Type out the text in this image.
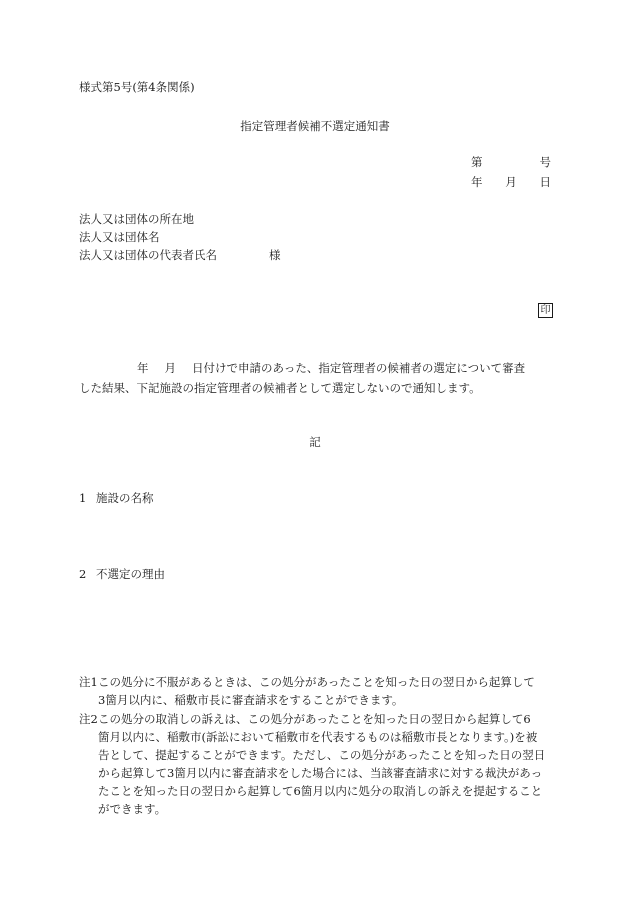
様式第5号(第4条関係)
指定管理者候補不選定通知書
第	号
年 月 日
法人又は団体の所在地
法人又は団体名
法人又は団体の代表者氏名	様
印
年 月 日付けで申請のあった、指定管理者の候補者の選定について審査
した結果、下記施設の指定管理者の候補者として選定しないので通知します。
記
1 施設の名称
2 不選定の理由
注1 この処分に不服があるときは、この処分があったことを知った日の翌日から起算して
3箇月以内に、稲敷市長に審査請求をすることができます。
注2 この処分の取消しの訴えは、この処分があったことを知った日の翌日から起算して6
箇月以内に、稲敷市(訴訟において稲敷市を代表するものは稲敷市長となります。)を被
告として、提起することができます。ただし、この処分があったことを知った日の翌日
から起算して3箇月以内に審査請求をした場合には、当該審査請求に対する裁決があっ
たことを知った日の翌日から起算して6箇月以内に処分の取消しの訴えを提起すること
ができます。
